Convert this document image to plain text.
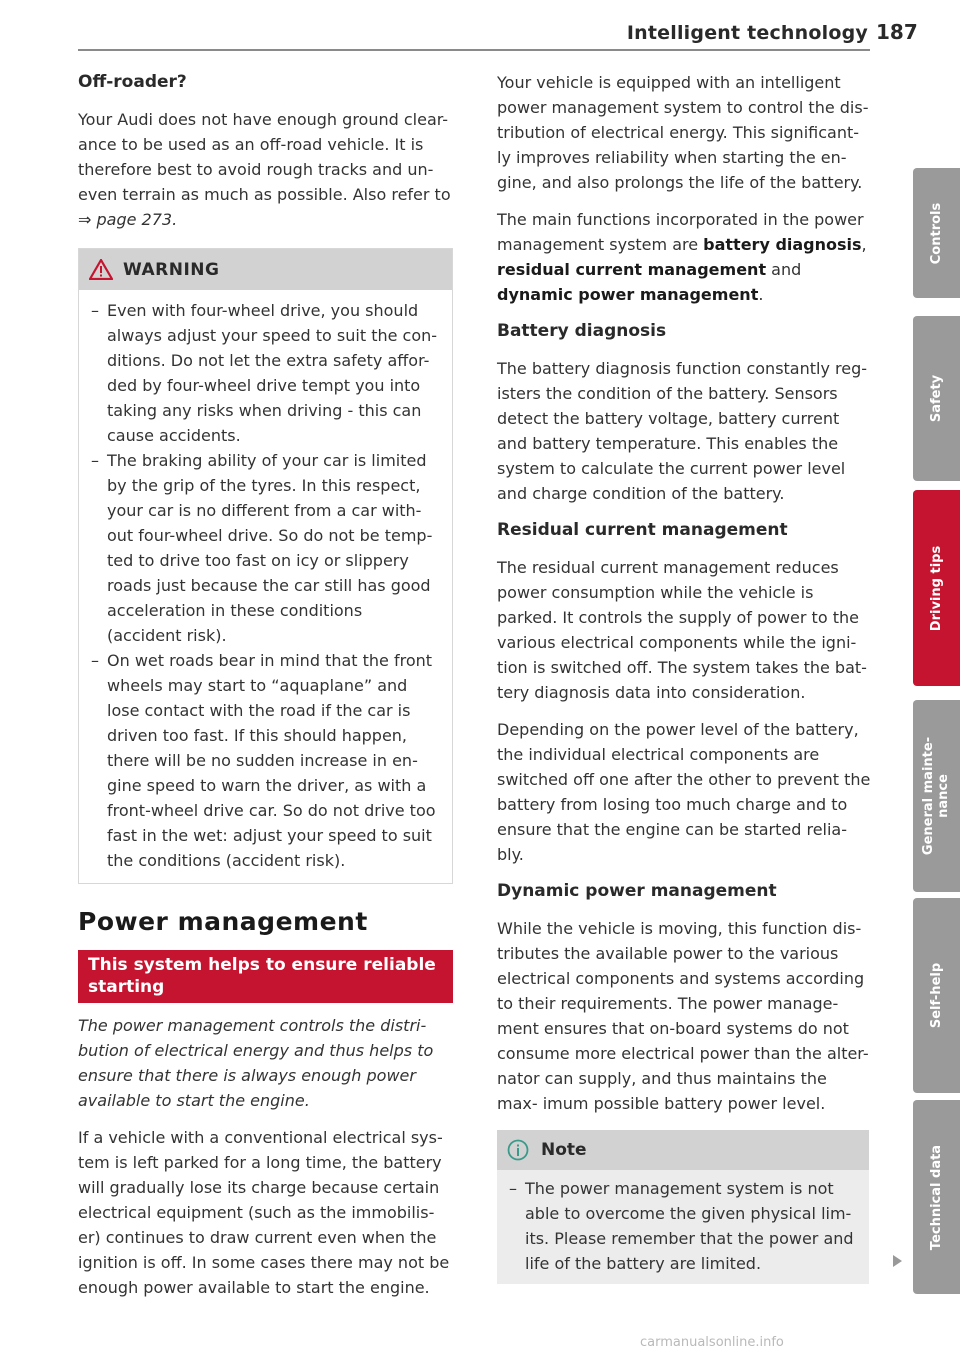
Intelligent technology 187

Off-roader?

Your Audi does not have enough ground clear- ance to be used as an off-road vehicle. It is therefore best to avoid rough tracks and un- even terrain as much as possible. Also refer to ⇒ page 273.

WARNING
– Even with four-wheel drive, you should always adjust your speed to suit the con- ditions. Do not let the extra safety affor- ded by four-wheel drive tempt you into taking any risks when driving - this can cause accidents.
– The braking ability of your car is limited by the grip of the tyres. In this respect, your car is no different from a car with- out four-wheel drive. So do not be temp- ted to drive too fast on icy or slippery roads just because the car still has good acceleration in these conditions (accident risk).
– On wet roads bear in mind that the front wheels may start to “aquaplane” and lose contact with the road if the car is driven too fast. If this should happen, there will be no sudden increase in en- gine speed to warn the driver, as with a front-wheel drive car. So do not drive too fast in the wet: adjust your speed to suit the conditions (accident risk).

Power management

This system helps to ensure reliable starting

The power management controls the distri- bution of electrical energy and thus helps to ensure that there is always enough power available to start the engine.

If a vehicle with a conventional electrical sys- tem is left parked for a long time, the battery will gradually lose its charge because certain electrical equipment (such as the immobilis- er) continues to draw current even when the ignition is off. In some cases there may not be enough power available to start the engine.

Your vehicle is equipped with an intelligent power management system to control the dis- tribution of electrical energy. This significant- ly improves reliability when starting the en- gine, and also prolongs the life of the battery.

The main functions incorporated in the power management system are battery diagnosis, residual current management and dynamic power management.

Battery diagnosis

The battery diagnosis function constantly reg- isters the condition of the battery. Sensors detect the battery voltage, battery current and battery temperature. This enables the system to calculate the current power level and charge condition of the battery.

Residual current management

The residual current management reduces power consumption while the vehicle is parked. It controls the supply of power to the various electrical components while the igni- tion is switched off. The system takes the bat- tery diagnosis data into consideration.

Depending on the power level of the battery, the individual electrical components are switched off one after the other to prevent the battery from losing too much charge and to ensure that the engine can be started relia- bly.

Dynamic power management

While the vehicle is moving, this function dis- tributes the available power to the various electrical components and systems according to their requirements. The power manage- ment ensures that on-board systems do not consume more electrical power than the alter- nator can supply, and thus maintains the max- imum possible battery power level.

Note
– The power management system is not able to overcome the given physical lim- its. Please remember that the power and life of the battery are limited.
Controls
Safety
Driving tips
General mainte- nance
Self-help
Technical data
carmanualsonline.info
